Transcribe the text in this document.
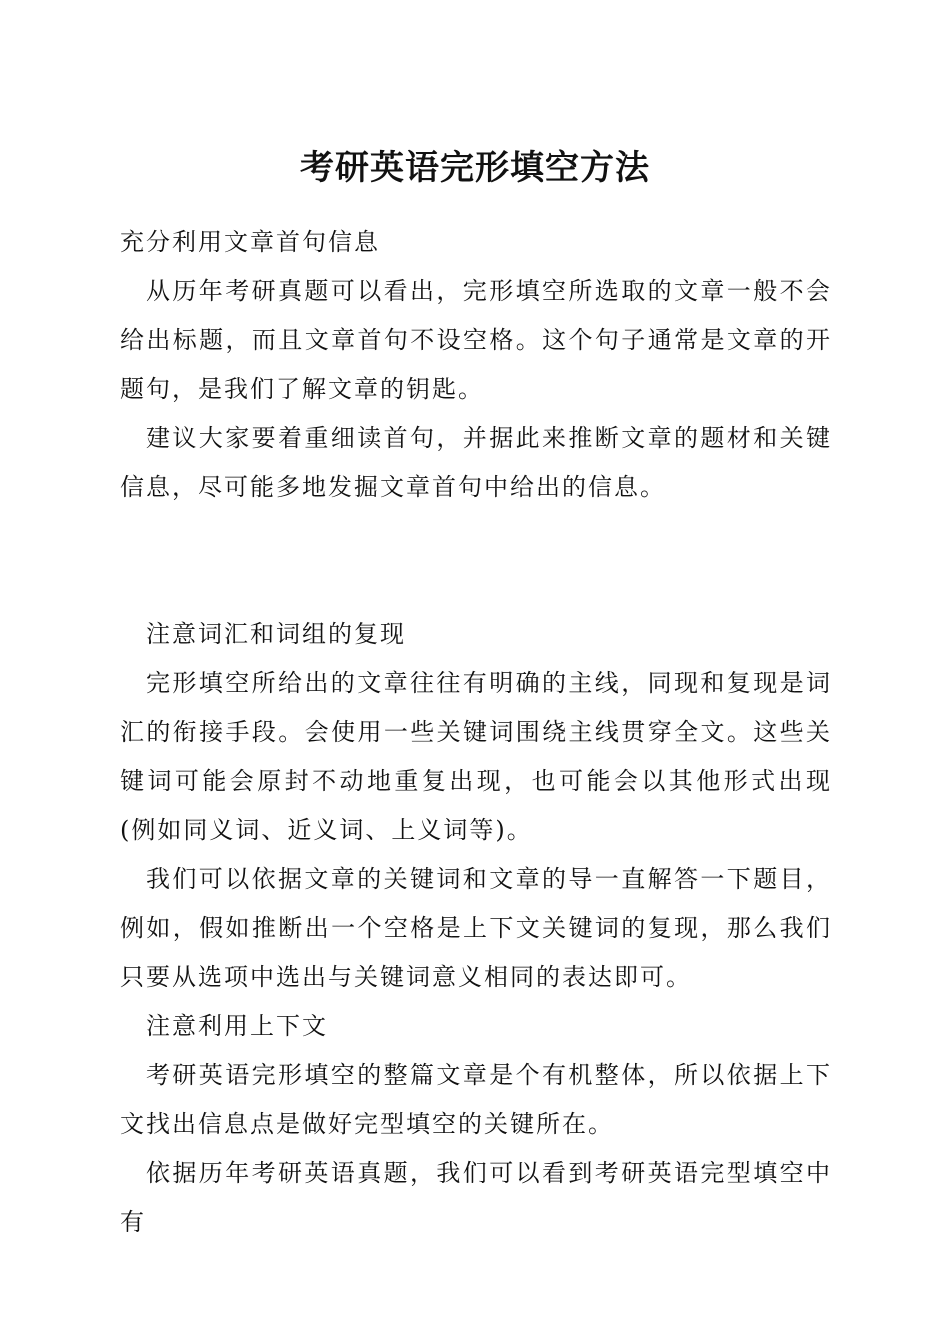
考研英语完形填空方法

充分利用文章首句信息

从历年考研真题可以看出，完形填空所选取的文章一般不会给出标题，而且文章首句不设空格。这个句子通常是文章的开题句，是我们了解文章的钥匙。

建议大家要着重细读首句，并据此来推断文章的题材和关键信息，尽可能多地发掘文章首句中给出的信息。

注意词汇和词组的复现

完形填空所给出的文章往往有明确的主线，同现和复现是词汇的衔接手段。会使用一些关键词围绕主线贯穿全文。这些关键词可能会原封不动地重复出现，也可能会以其他形式出现(例如同义词、近义词、上义词等)。

我们可以依据文章的关键词和文章的导一直解答一下题目，例如，假如推断出一个空格是上下文关键词的复现，那么我们只要从选项中选出与关键词意义相同的表达即可。

注意利用上下文

考研英语完形填空的整篇文章是个有机整体，所以依据上下文找出信息点是做好完型填空的关键所在。

依据历年考研英语真题，我们可以看到考研英语完型填空中有
